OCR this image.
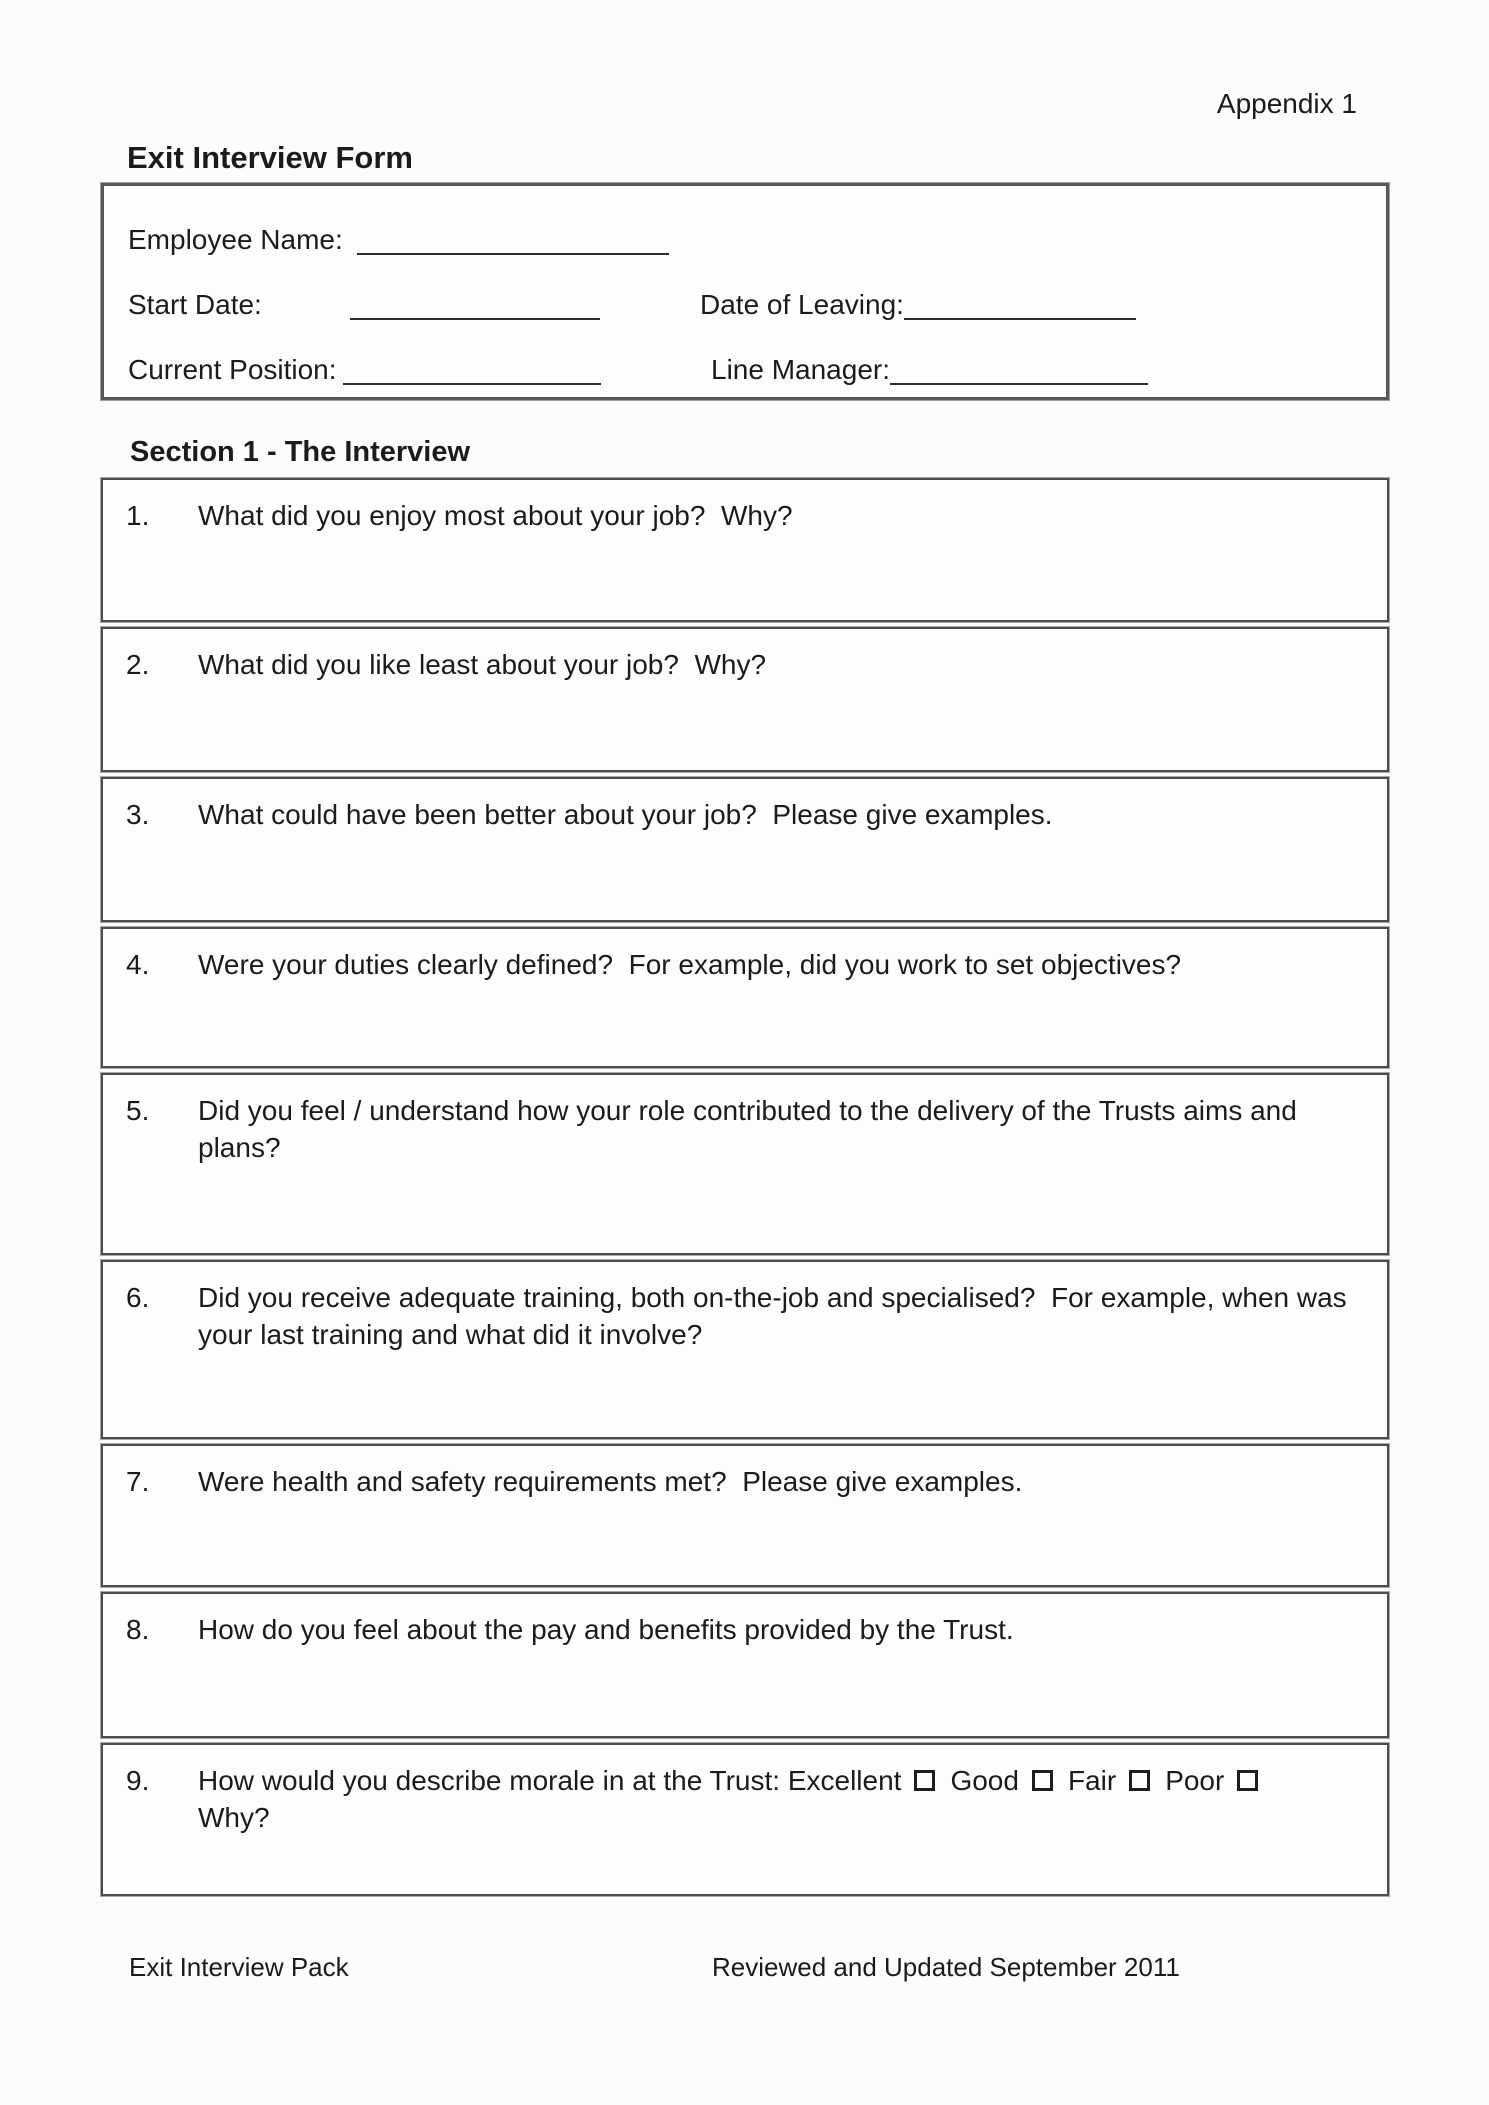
Appendix 1
Exit Interview Form
Employee Name:
Start Date:	Date of Leaving:
Current Position:	Line Manager:
Section 1 - The Interview
1.	What did you enjoy most about your job?  Why?
2.	What did you like least about your job?  Why?
3.	What could have been better about your job?  Please give examples.
4.	Were your duties clearly defined?  For example, did you work to set objectives?
5.	Did you feel / understand how your role contributed to the delivery of the Trusts aims and plans?
6.	Did you receive adequate training, both on-the-job and specialised?  For example, when was your last training and what did it involve?
7.	Were health and safety requirements met?  Please give examples.
8.	How do you feel about the pay and benefits provided by the Trust.
9.	How would you describe morale in at the Trust: Excellent Good Fair Poor
Why?
Exit Interview Pack	Reviewed and Updated September 2011
